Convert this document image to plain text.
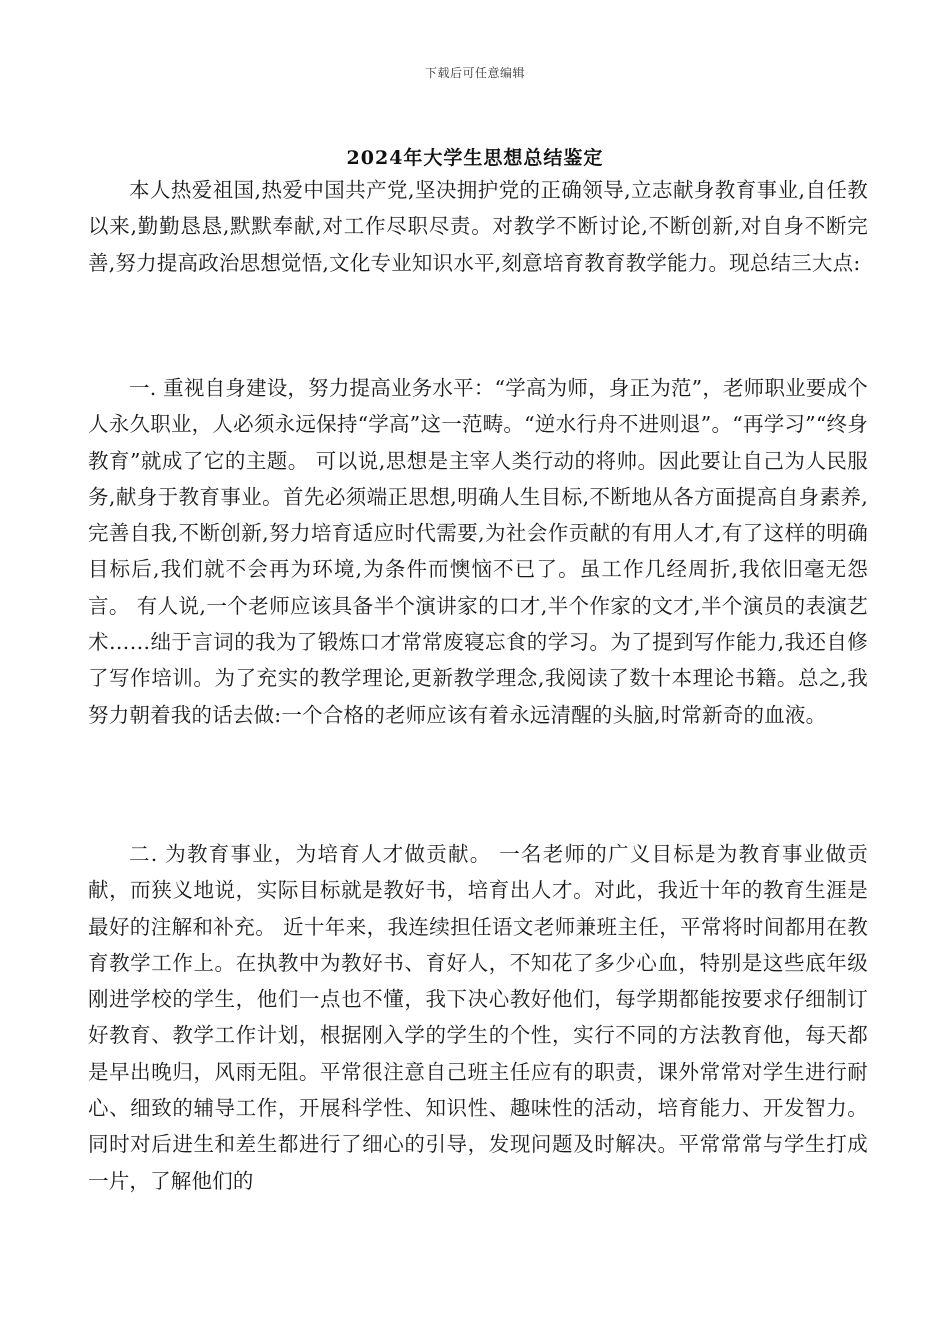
下载后可任意编辑
2024年大学生思想总结鉴定

本人热爱祖国,热爱中国共产党,坚决拥护党的正确领导,立志献身教育事业,自任教以来,勤勤恳恳,默默奉献,对工作尽职尽责。对教学不断讨论,不断创新,对自身不断完善,努力提高政治思想觉悟,文化专业知识水平,刻意培育教育教学能力。现总结三大点:

一. 重视自身建设，努力提高业务水平：“学高为师，身正为范”，老师职业要成个人永久职业，人必须永远保持“学高”这一范畴。“逆水行舟不进则退”。“再学习”“终身教育”就成了它的主题。 可以说,思想是主宰人类行动的将帅。因此要让自己为人民服务,献身于教育事业。首先必须端正思想,明确人生目标,不断地从各方面提高自身素养,完善自我,不断创新,努力培育适应时代需要,为社会作贡献的有用人才,有了这样的明确目标后,我们就不会再为环境,为条件而懊恼不已了。虽工作几经周折,我依旧毫无怨言。 有人说,一个老师应该具备半个演讲家的口才,半个作家的文才,半个演员的表演艺术……绌于言词的我为了锻炼口才常常废寝忘食的学习。为了提到写作能力,我还自修了写作培训。为了充实的教学理论,更新教学理念,我阅读了数十本理论书籍。总之,我努力朝着我的话去做:一个合格的老师应该有着永远清醒的头脑,时常新奇的血液。

二. 为教育事业，为培育人才做贡献。 一名老师的广义目标是为教育事业做贡献，而狭义地说，实际目标就是教好书，培育出人才。对此，我近十年的教育生涯是最好的注解和补充。 近十年来，我连续担任语文老师兼班主任，平常将时间都用在教育教学工作上。在执教中为教好书、育好人，不知花了多少心血，特别是这些底年级刚进学校的学生，他们一点也不懂，我下决心教好他们，每学期都能按要求仔细制订好教育、教学工作计划，根据刚入学的学生的个性，实行不同的方法教育他，每天都是早出晚归，风雨无阻。平常很注意自己班主任应有的职责，课外常常对学生进行耐心、细致的辅导工作，开展科学性、知识性、趣味性的活动，培育能力、开发智力。同时对后进生和差生都进行了细心的引导，发现问题及时解决。平常常常与学生打成一片，了解他们的
